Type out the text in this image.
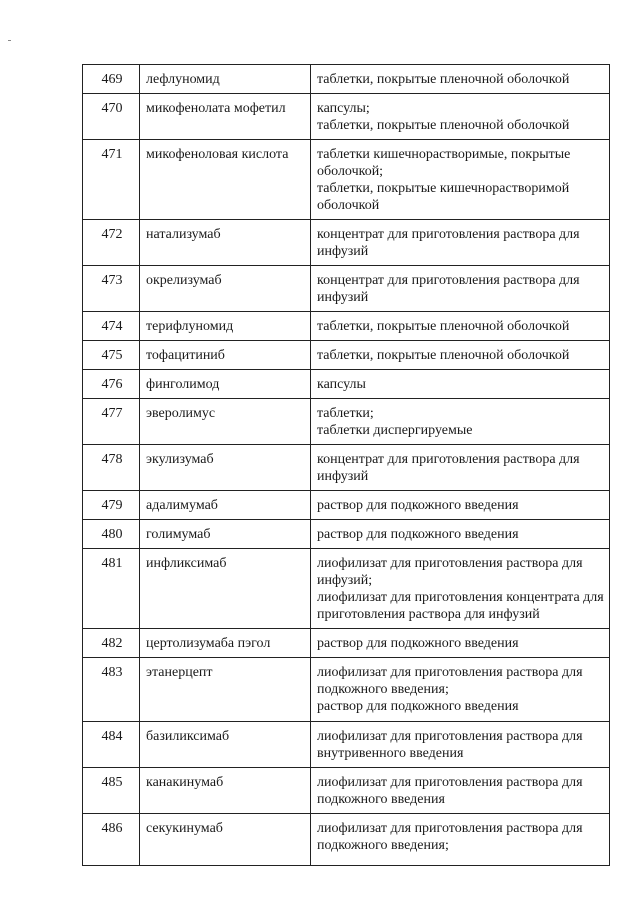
469	лефлуномид	таблетки, покрытые пленочной оболочкой

470	микофенолата мофетил	капсулы;
таблетки, покрытые пленочной оболочкой

471	микофеноловая кислота	таблетки кишечнорастворимые, покрытые оболочкой;
таблетки, покрытые кишечнорастворимой оболочкой

472	натализумаб	концентрат для приготовления раствора для инфузий

473	окрелизумаб	концентрат для приготовления раствора для инфузий

474	терифлуномид	таблетки, покрытые пленочной оболочкой

475	тофацитиниб	таблетки, покрытые пленочной оболочкой

476	финголимод	капсулы

477	эверолимус	таблетки;
таблетки диспергируемые

478	экулизумаб	концентрат для приготовления раствора для инфузий

479	адалимумаб	раствор для подкожного введения

480	голимумаб	раствор для подкожного введения

481	инфликсимаб	лиофилизат для приготовления раствора для инфузий;
лиофилизат для приготовления концентрата для приготовления раствора для инфузий

482	цертолизумаба пэгол	раствор для подкожного введения

483	этанерцепт	лиофилизат для приготовления раствора для подкожного введения;
раствор для подкожного введения

484	базиликсимаб	лиофилизат для приготовления раствора для внутривенного введения

485	канакинумаб	лиофилизат для приготовления раствора для подкожного введения

486	секукинумаб	лиофилизат для приготовления раствора для подкожного введения;
